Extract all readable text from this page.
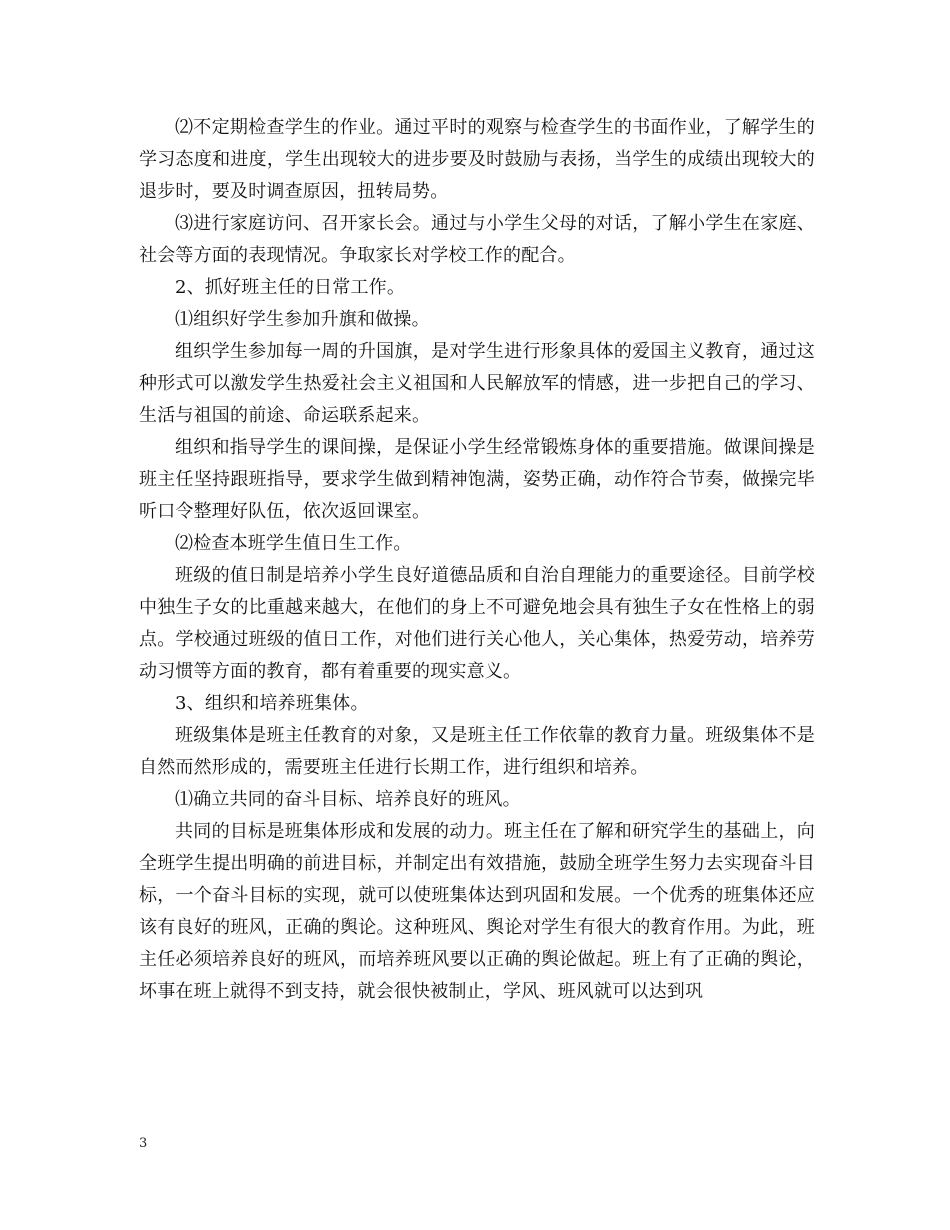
⑵不定期检查学生的作业。通过平时的观察与检查学生的书面作业，了解学生的学习态度和进度，学生出现较大的进步要及时鼓励与表扬，当学生的成绩出现较大的退步时，要及时调查原因，扭转局势。

⑶进行家庭访问、召开家长会。通过与小学生父母的对话，了解小学生在家庭、社会等方面的表现情况。争取家长对学校工作的配合。

2、抓好班主任的日常工作。

⑴组织好学生参加升旗和做操。

组织学生参加每一周的升国旗，是对学生进行形象具体的爱国主义教育，通过这种形式可以激发学生热爱社会主义祖国和人民解放军的情感，进一步把自己的学习、生活与祖国的前途、命运联系起来。

组织和指导学生的课间操，是保证小学生经常锻炼身体的重要措施。做课间操是班主任坚持跟班指导，要求学生做到精神饱满，姿势正确，动作符合节奏，做操完毕听口令整理好队伍，依次返回课室。

⑵检查本班学生值日生工作。

班级的值日制是培养小学生良好道德品质和自治自理能力的重要途径。目前学校中独生子女的比重越来越大，在他们的身上不可避免地会具有独生子女在性格上的弱点。学校通过班级的值日工作，对他们进行关心他人，关心集体，热爱劳动，培养劳动习惯等方面的教育，都有着重要的现实意义。

3、组织和培养班集体。

班级集体是班主任教育的对象，又是班主任工作依靠的教育力量。班级集体不是自然而然形成的，需要班主任进行长期工作，进行组织和培养。

⑴确立共同的奋斗目标、培养良好的班风。

共同的目标是班集体形成和发展的动力。班主任在了解和研究学生的基础上，向全班学生提出明确的前进目标，并制定出有效措施，鼓励全班学生努力去实现奋斗目标，一个奋斗目标的实现，就可以使班集体达到巩固和发展。一个优秀的班集体还应该有良好的班风，正确的舆论。这种班风、舆论对学生有很大的教育作用。为此，班主任必须培养良好的班风，而培养班风要以正确的舆论做起。班上有了正确的舆论，坏事在班上就得不到支持，就会很快被制止，学风、班风就可以达到巩

3
